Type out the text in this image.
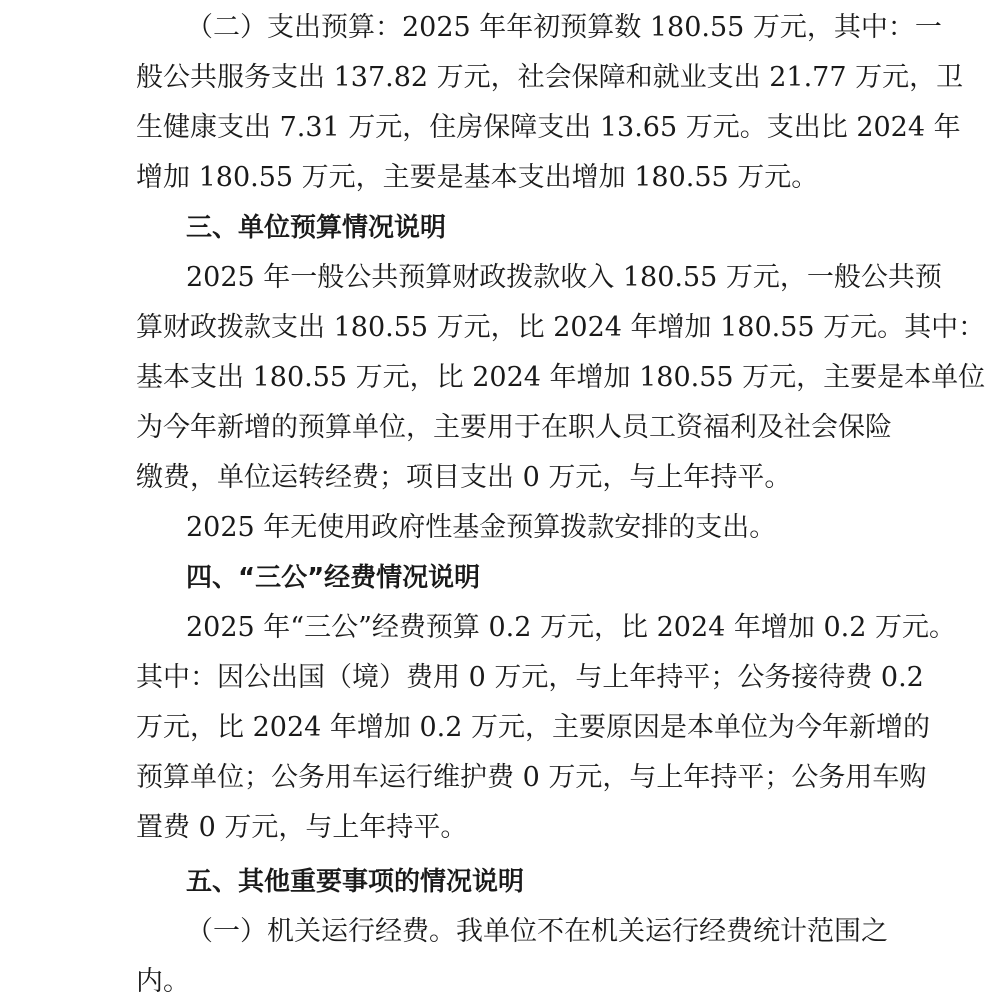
（二）支出预算：2025 年年初预算数 180.55 万元，其中：一
般公共服务支出 137.82 万元，社会保障和就业支出 21.77 万元，卫
生健康支出 7.31 万元，住房保障支出 13.65 万元。支出比 2024 年
增加 180.55 万元，主要是基本支出增加 180.55 万元。
三、单位预算情况说明
2025 年一般公共预算财政拨款收入 180.55 万元，一般公共预
算财政拨款支出 180.55 万元，比 2024 年增加 180.55 万元。其中：
基本支出 180.55 万元，比 2024 年增加 180.55 万元，主要是本单位
为今年新增的预算单位，主要用于在职人员工资福利及社会保险
缴费，单位运转经费；项目支出 0 万元，与上年持平。
2025 年无使用政府性基金预算拨款安排的支出。
四、“三公”经费情况说明
2025 年“三公”经费预算 0.2 万元，比 2024 年增加 0.2 万元。
其中：因公出国（境）费用 0 万元，与上年持平；公务接待费 0.2
万元，比 2024 年增加 0.2 万元，主要原因是本单位为今年新增的
预算单位；公务用车运行维护费 0 万元，与上年持平；公务用车购
置费 0 万元，与上年持平。
五、其他重要事项的情况说明
（一）机关运行经费。我单位不在机关运行经费统计范围之
内。
